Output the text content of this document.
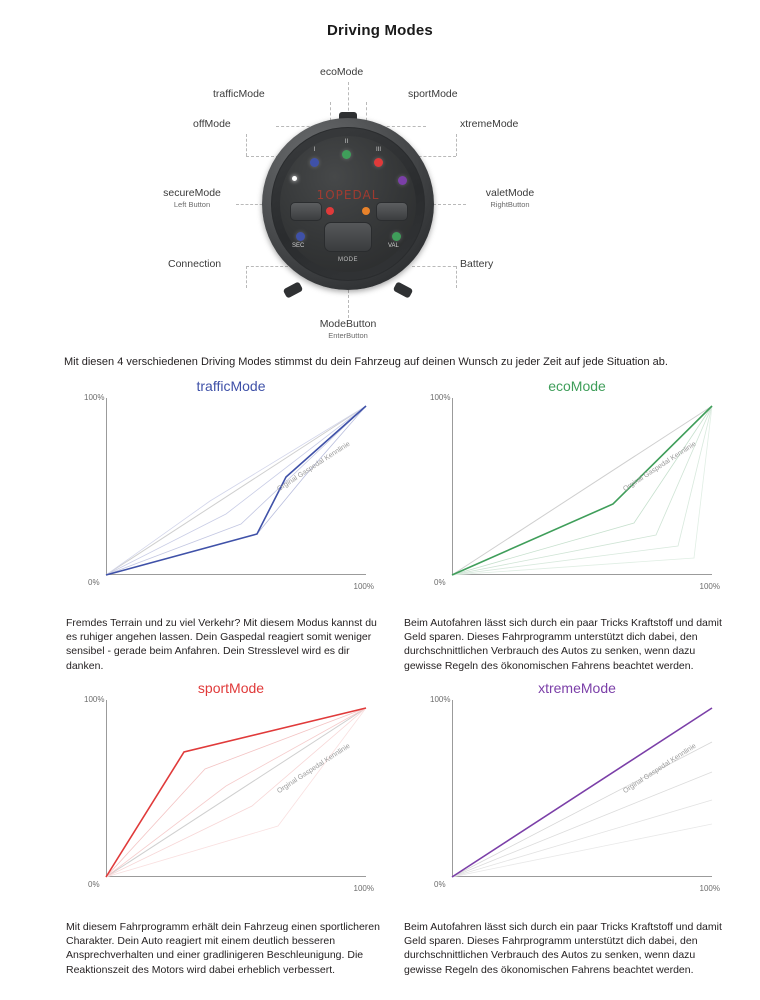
Driving Modes
ecoMode
trafficMode	sportMode
offMode	xtremeMode
secureMode
Left Button
valetMode
RightButton
Connection	Battery
ModeButton
EnterButton
1OPEDAL
I
II
III
SEC	VAL
MODE
Mit diesen 4 verschiedenen Driving Modes stimmst du dein Fahrzeug auf deinen Wunsch zu jeder Zeit auf jede Situation ab.
trafficMode
100%
0%	100%
Orginal Gaspedal Kennlinie
Fremdes Terrain und zu viel Verkehr? Mit diesem Modus kannst du es ruhiger angehen lassen. Dein Gaspedal reagiert somit weniger sensibel - gerade beim Anfahren. Dein Stresslevel wird es dir danken.
ecoMode
100%
0%	100%
Orginal Gaspedal Kennlinie
Beim Autofahren lässt sich durch ein paar Tricks Kraftstoff und damit Geld sparen. Dieses Fahrprogramm unterstützt dich dabei, den durchschnittlichen Verbrauch des Autos zu senken, wenn dazu gewisse Regeln des ökonomischen Fahrens beachtet werden.
sportMode
100%
0%	100%
Orginal Gaspedal Kennlinie
Mit diesem Fahrprogramm erhält dein Fahrzeug einen sportlicheren Charakter. Dein Auto reagiert mit einem deutlich besseren Ansprechverhalten und einer gradlinigeren Beschleunigung. Die Reaktionszeit des Motors wird dabei erheblich verbessert.
xtremeMode
100%
0%	100%
Orginal Gaspedal Kennlinie
Beim Autofahren lässt sich durch ein paar Tricks Kraftstoff und damit Geld sparen. Dieses Fahrprogramm unterstützt dich dabei, den durchschnittlichen Verbrauch des Autos zu senken, wenn dazu gewisse Regeln des ökonomischen Fahrens beachtet werden.
